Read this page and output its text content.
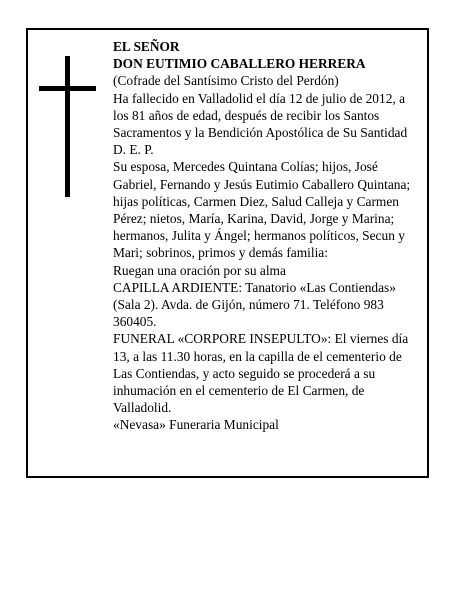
EL SEÑOR

DON EUTIMIO CABALLERO HERRERA

(Cofrade del Santísimo Cristo del Perdón)

Ha fallecido en Valladolid el día 12 de julio de 2012, a los 81 años de edad, después de recibir los Santos Sacramentos y la Bendición Apostólica de Su Santidad

D. E. P.

Su esposa, Mercedes Quintana Colías; hijos, José Gabriel, Fernando y Jesús Eutimio Caballero Quintana; hijas políticas, Carmen Diez, Salud Calleja y Carmen Pérez; nietos, María, Karina, David, Jorge y Marina; hermanos, Julita y Ángel; hermanos políticos, Secun y Mari; sobrinos, primos y demás familia:

Ruegan una oración por su alma

CAPILLA ARDIENTE: Tanatorio «Las Contiendas» (Sala 2). Avda. de Gijón, número 71. Teléfono 983 360405.

FUNERAL «CORPORE INSEPULTO»: El viernes día 13, a las 11.30 horas, en la capilla de el cementerio de Las Contiendas, y acto seguido se procederá a su inhumación en el cementerio de El Carmen, de Valladolid.

«Nevasa» Funeraria Municipal
